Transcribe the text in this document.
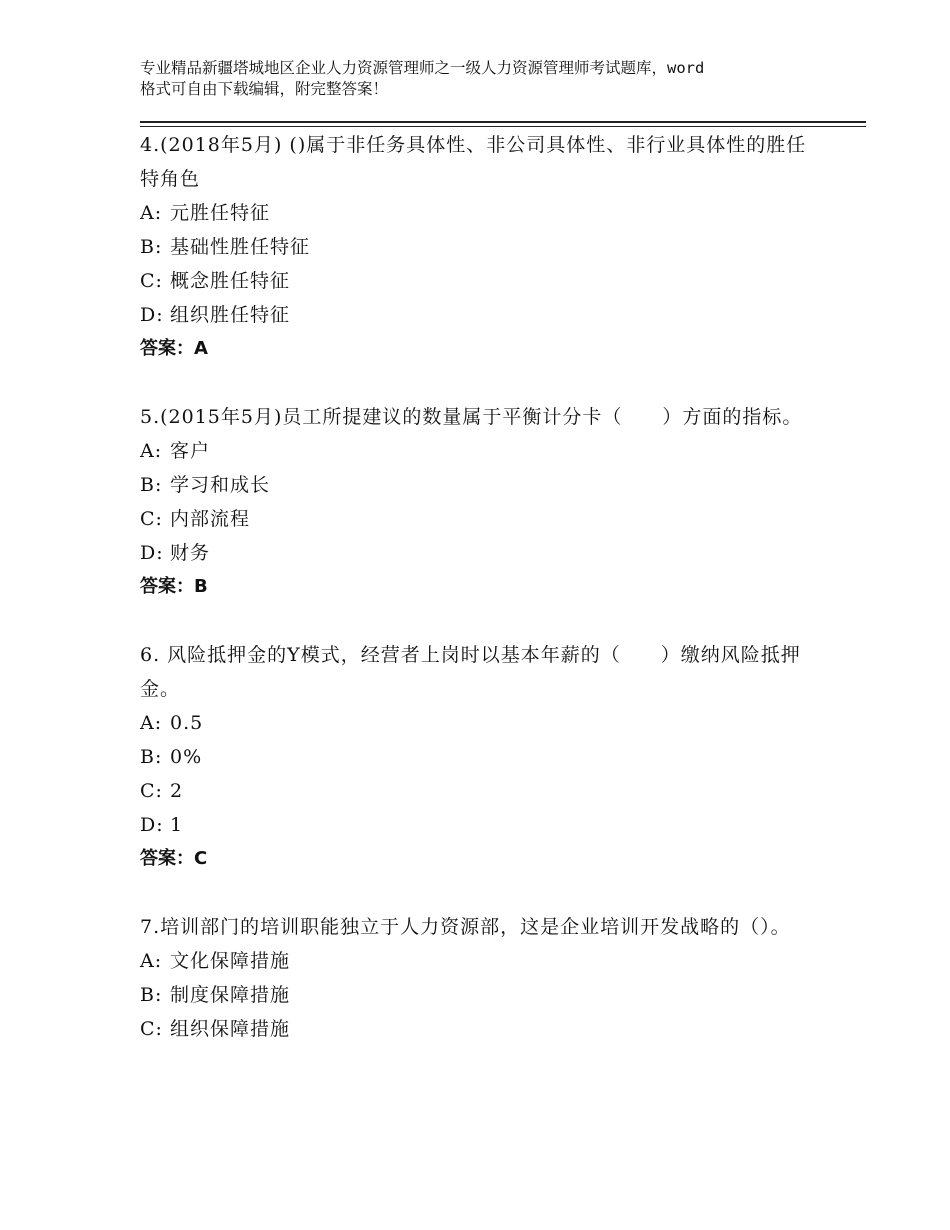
专业精品新疆塔城地区企业人力资源管理师之一级人力资源管理师考试题库，word
格式可自由下载编辑，附完整答案！
4.(2018年5月) ()属于非任务具体性、非公司具体性、非行业具体性的胜任特角色
A: 元胜任特征
B: 基础性胜任特征
C: 概念胜任特征
D: 组织胜任特征
答案：A
5.(2015年5月)员工所提建议的数量属于平衡计分卡（　　）方面的指标。
A: 客户
B: 学习和成长
C: 内部流程
D: 财务
答案：B
6. 风险抵押金的Y模式，经营者上岗时以基本年薪的（　　）缴纳风险抵押金。
A: 0.5
B: 0%
C: 2
D: 1
答案：C
7.培训部门的培训职能独立于人力资源部，这是企业培训开发战略的（）。
A: 文化保障措施
B: 制度保障措施
C: 组织保障措施
